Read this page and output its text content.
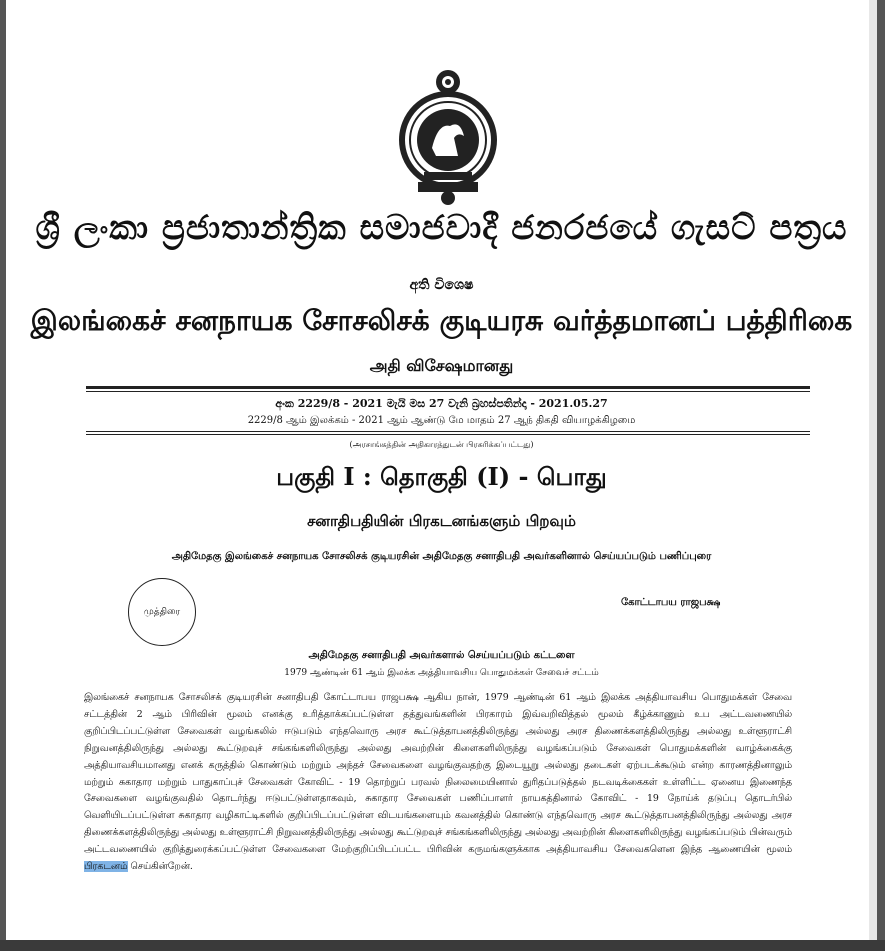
ශ්‍රී ලංකා ප්‍රජාතාන්ත්‍රික සමාජවාදී ජනරජයේ ගැසට් පත්‍රය
අති විශෙෂ
இலங்கைச் சனநாயக சோசலிசக் குடியரசு வர்த்தமானப் பத்திரிகை
அதி விசேஷமானது
අංක 2229/8 - 2021 මැයි මස 27 වැනි බ්‍රහස්පතින්දා - 2021.05.27
2229/8 ஆம் இலக்கம் - 2021 ஆம் ஆண்டு மே மாதம் 27 ஆந் திகதி வியாழக்கிழமை
(அரசாங்கத்தின் அதிகாரத்துடன் பிரசுரிக்கப்பட்டது)
பகுதி I : தொகுதி (I) - பொது
சனாதிபதியின் பிரகடனங்களும் பிறவும்
அதிமேதகு இலங்கைச் சனநாயக சோசலிசக் குடியரசின் அதிமேதகு சனாதிபதி அவர்களினால் செய்யப்படும் பணிப்புரை
முத்திரை
கோட்டாபய ராஜபக்ஷ
அதிமேதகு சனாதிபதி அவர்களால் செய்யப்படும் கட்டளை
1979 ஆண்டின் 61 ஆம் இலக்க அத்தியாவசிய பொதுமக்கள் சேவைச் சட்டம்

இலங்கைச் சனநாயக சோசலிசக் குடியரசின் சனாதிபதி கோட்டாபய ராஜபக்ஷ ஆகிய நான், 1979 ஆண்டின் 61 ஆம் இலக்க அத்தியாவசிய பொதுமக்கள் சேவை சட்டத்தின் 2 ஆம் பிரிவின் மூலம் எனக்கு உரித்தாக்கப்பட்டுள்ள தத்துவங்களின் பிரகாரம் இவ்வறிவித்தல் மூலம் கீழ்க்காணும் உப அட்டவணையில் குறிப்பிடப்பட்டுள்ள சேவைகள் வழங்கலில் ஈடுபடும் எந்தவொரு அரச கூட்டுத்தாபனத்திலிருந்து அல்லது அரச திணைக்களத்திலிருந்து அல்லது உள்ளூராட்சி நிறுவனத்திலிருந்து அல்லது கூட்டுறவுச் சங்கங்களிலிருந்து அல்லது அவற்றின் கிளைகளிலிருந்து வழங்கப்படும் சேவைகள் பொதுமக்களின் வாழ்க்கைக்கு அத்தியாவசியமானது எனக் கருத்தில் கொண்டும் மற்றும் அந்தச் சேவைகளை வழங்குவதற்கு இடையூறு அல்லது தடைகள் ஏற்படக்கூடும் என்ற காரணத்தினாலும் மற்றும் சுகாதார மற்றும் பாதுகாப்புச் சேவைகள் கோவிட் - 19 தொற்றுப் பரவல் நிலைமையினால் துரிதப்படுத்தல் நடவடிக்கைகள் உள்ளிட்ட ஏனைய இணைந்த சேவைகளை வழங்குவதில் தொடர்ந்து ஈடுபட்டுள்ளதாகவும், சுகாதார சேவைகள் பணிப்பாளர் நாயகத்தினால் கோவிட் - 19 நோய்க் தடுப்பு தொடர்பில் வெளியிடப்பட்டுள்ள சுகாதார வழிகாட்டிகளில் குறிப்பிடப்பட்டுள்ள விடயங்களையும் கவனத்தில் கொண்டு எந்தவொரு அரச கூட்டுத்தாபனத்திலிருந்து அல்லது அரச திணைக்களத்திலிருந்து அல்லது உள்ளூராட்சி நிறுவனத்திலிருந்து அல்லது கூட்டுறவுச் சங்கங்களிலிருந்து அல்லது அவற்றின் கிளைகளிலிருந்து வழங்கப்படும் பின்வரும் அட்டவணையில் குறித்துரைக்கப்பட்டுள்ள சேவைகளை மேற்குறிப்பிடப்பட்ட பிரிவின் கருமங்களுக்காக அத்தியாவசிய சேவைகளென இந்த ஆணையின் மூலம் பிரகடனம் செய்கின்றேன்.
